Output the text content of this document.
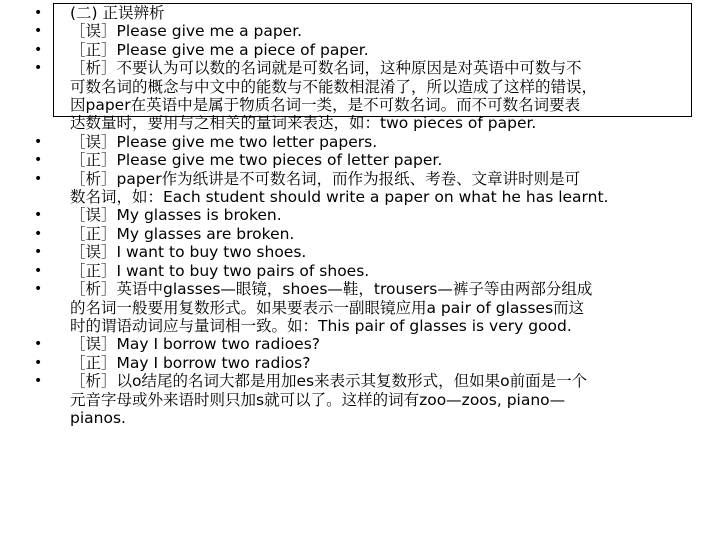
• (二) 正误辨析
• ［误］Please give me a paper.
• ［正］Please give me a piece of paper.
• ［析］不要认为可以数的名词就是可数名词，这种原因是对英语中可数与不
可数名词的概念与中文中的能数与不能数相混淆了，所以造成了这样的错误，
因paper在英语中是属于物质名词一类，是不可数名词。而不可数名词要表
达数量时，要用与之相关的量词来表达，如：two pieces of paper.
• ［误］Please give me two letter papers.
• ［正］Please give me two pieces of letter paper.
• ［析］paper作为纸讲是不可数名词，而作为报纸、考卷、文章讲时则是可
数名词，如：Each student should write a paper on what he has learnt.
• ［误］My glasses is broken.
• ［正］My glasses are broken.
• ［误］I want to buy two shoes.
• ［正］I want to buy two pairs of shoes.
• ［析］英语中glasses—眼镜，shoes—鞋，trousers—裤子等由两部分组成
的名词一般要用复数形式。如果要表示一副眼镜应用a pair of glasses而这
时的谓语动词应与量词相一致。如：This pair of glasses is very good.
• ［误］May I borrow two radioes?
• ［正］May I borrow two radios?
• ［析］以o结尾的名词大都是用加es来表示其复数形式，但如果o前面是一个
元音字母或外来语时则只加s就可以了。这样的词有zoo—zoos, piano—
pianos.
